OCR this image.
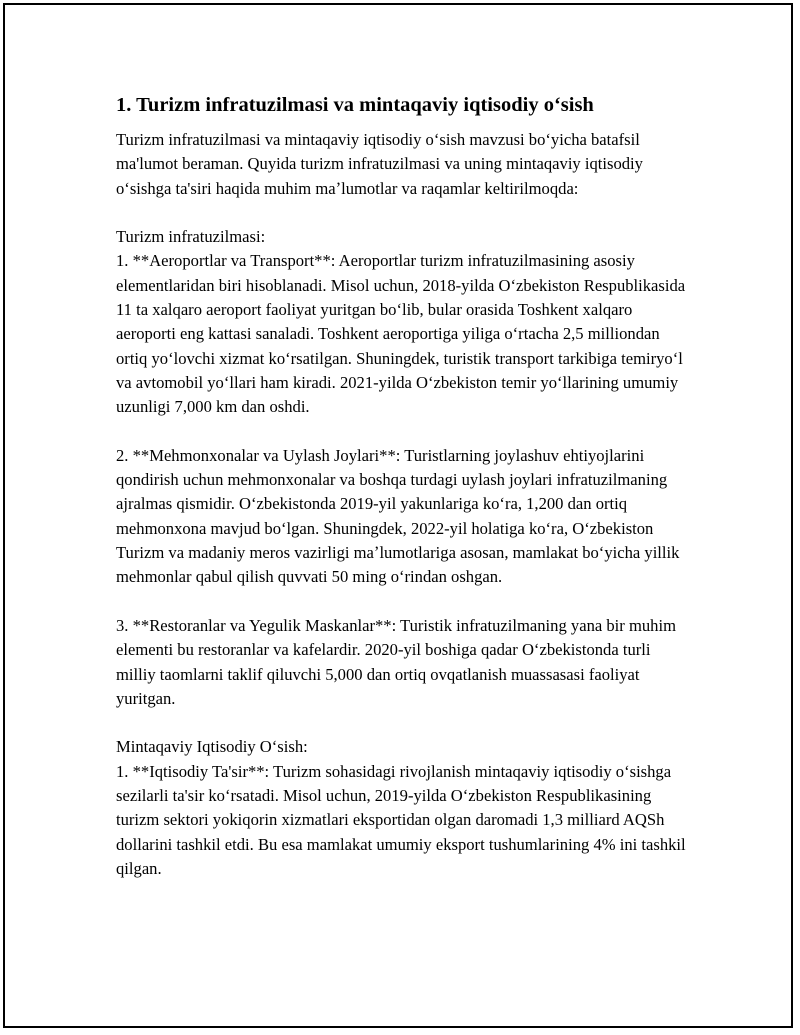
1. Turizm infratuzilmasi va mintaqaviy iqtisodiy oʻsish

Turizm infratuzilmasi va mintaqaviy iqtisodiy oʻsish mavzusi boʻyicha batafsil ma'lumot beraman. Quyida turizm infratuzilmasi va uning mintaqaviy iqtisodiy oʻsishga ta'siri haqida muhim maʼlumotlar va raqamlar keltirilmoqda:

Turizm infratuzilmasi:

1. **Aeroportlar va Transport**: Aeroportlar turizm infratuzilmasining asosiy elementlaridan biri hisoblanadi. Misol uchun, 2018-yilda Oʻzbekiston Respublikasida 11 ta xalqaro aeroport faoliyat yuritgan boʻlib, bular orasida Toshkent xalqaro aeroporti eng kattasi sanaladi. Toshkent aeroportiga yiliga oʻrtacha 2,5 milliondan ortiq yoʻlovchi xizmat koʻrsatilgan. Shuningdek, turistik transport tarkibiga temiryoʻl va avtomobil yoʻllari ham kiradi. 2021-yilda Oʻzbekiston temir yoʻllarining umumiy uzunligi 7,000 km dan oshdi.

2. **Mehmonxonalar va Uylash Joylari**: Turistlarning joylashuv ehtiyojlarini qondirish uchun mehmonxonalar va boshqa turdagi uylash joylari infratuzilmaning ajralmas qismidir. Oʻzbekistonda 2019-yil yakunlariga koʻra, 1,200 dan ortiq mehmonxona mavjud boʻlgan. Shuningdek, 2022-yil holatiga koʻra, Oʻzbekiston Turizm va madaniy meros vazirligi maʼlumotlariga asosan, mamlakat boʻyicha yillik mehmonlar qabul qilish quvvati 50 ming oʻrindan oshgan.

3. **Restoranlar va Yegulik Maskanlar**: Turistik infratuzilmaning yana bir muhim elementi bu restoranlar va kafelardir. 2020-yil boshiga qadar Oʻzbekistonda turli milliy taomlarni taklif qiluvchi 5,000 dan ortiq ovqatlanish muassasasi faoliyat yuritgan.

Mintaqaviy Iqtisodiy Oʻsish:

1. **Iqtisodiy Ta'sir**: Turizm sohasidagi rivojlanish mintaqaviy iqtisodiy oʻsishga sezilarli ta'sir koʻrsatadi. Misol uchun, 2019-yilda Oʻzbekiston Respublikasining turizm sektori yokiqorin xizmatlari eksportidan olgan daromadi 1,3 milliard AQSh dollarini tashkil etdi. Bu esa mamlakat umumiy eksport tushumlarining 4% ini tashkil qilgan.
